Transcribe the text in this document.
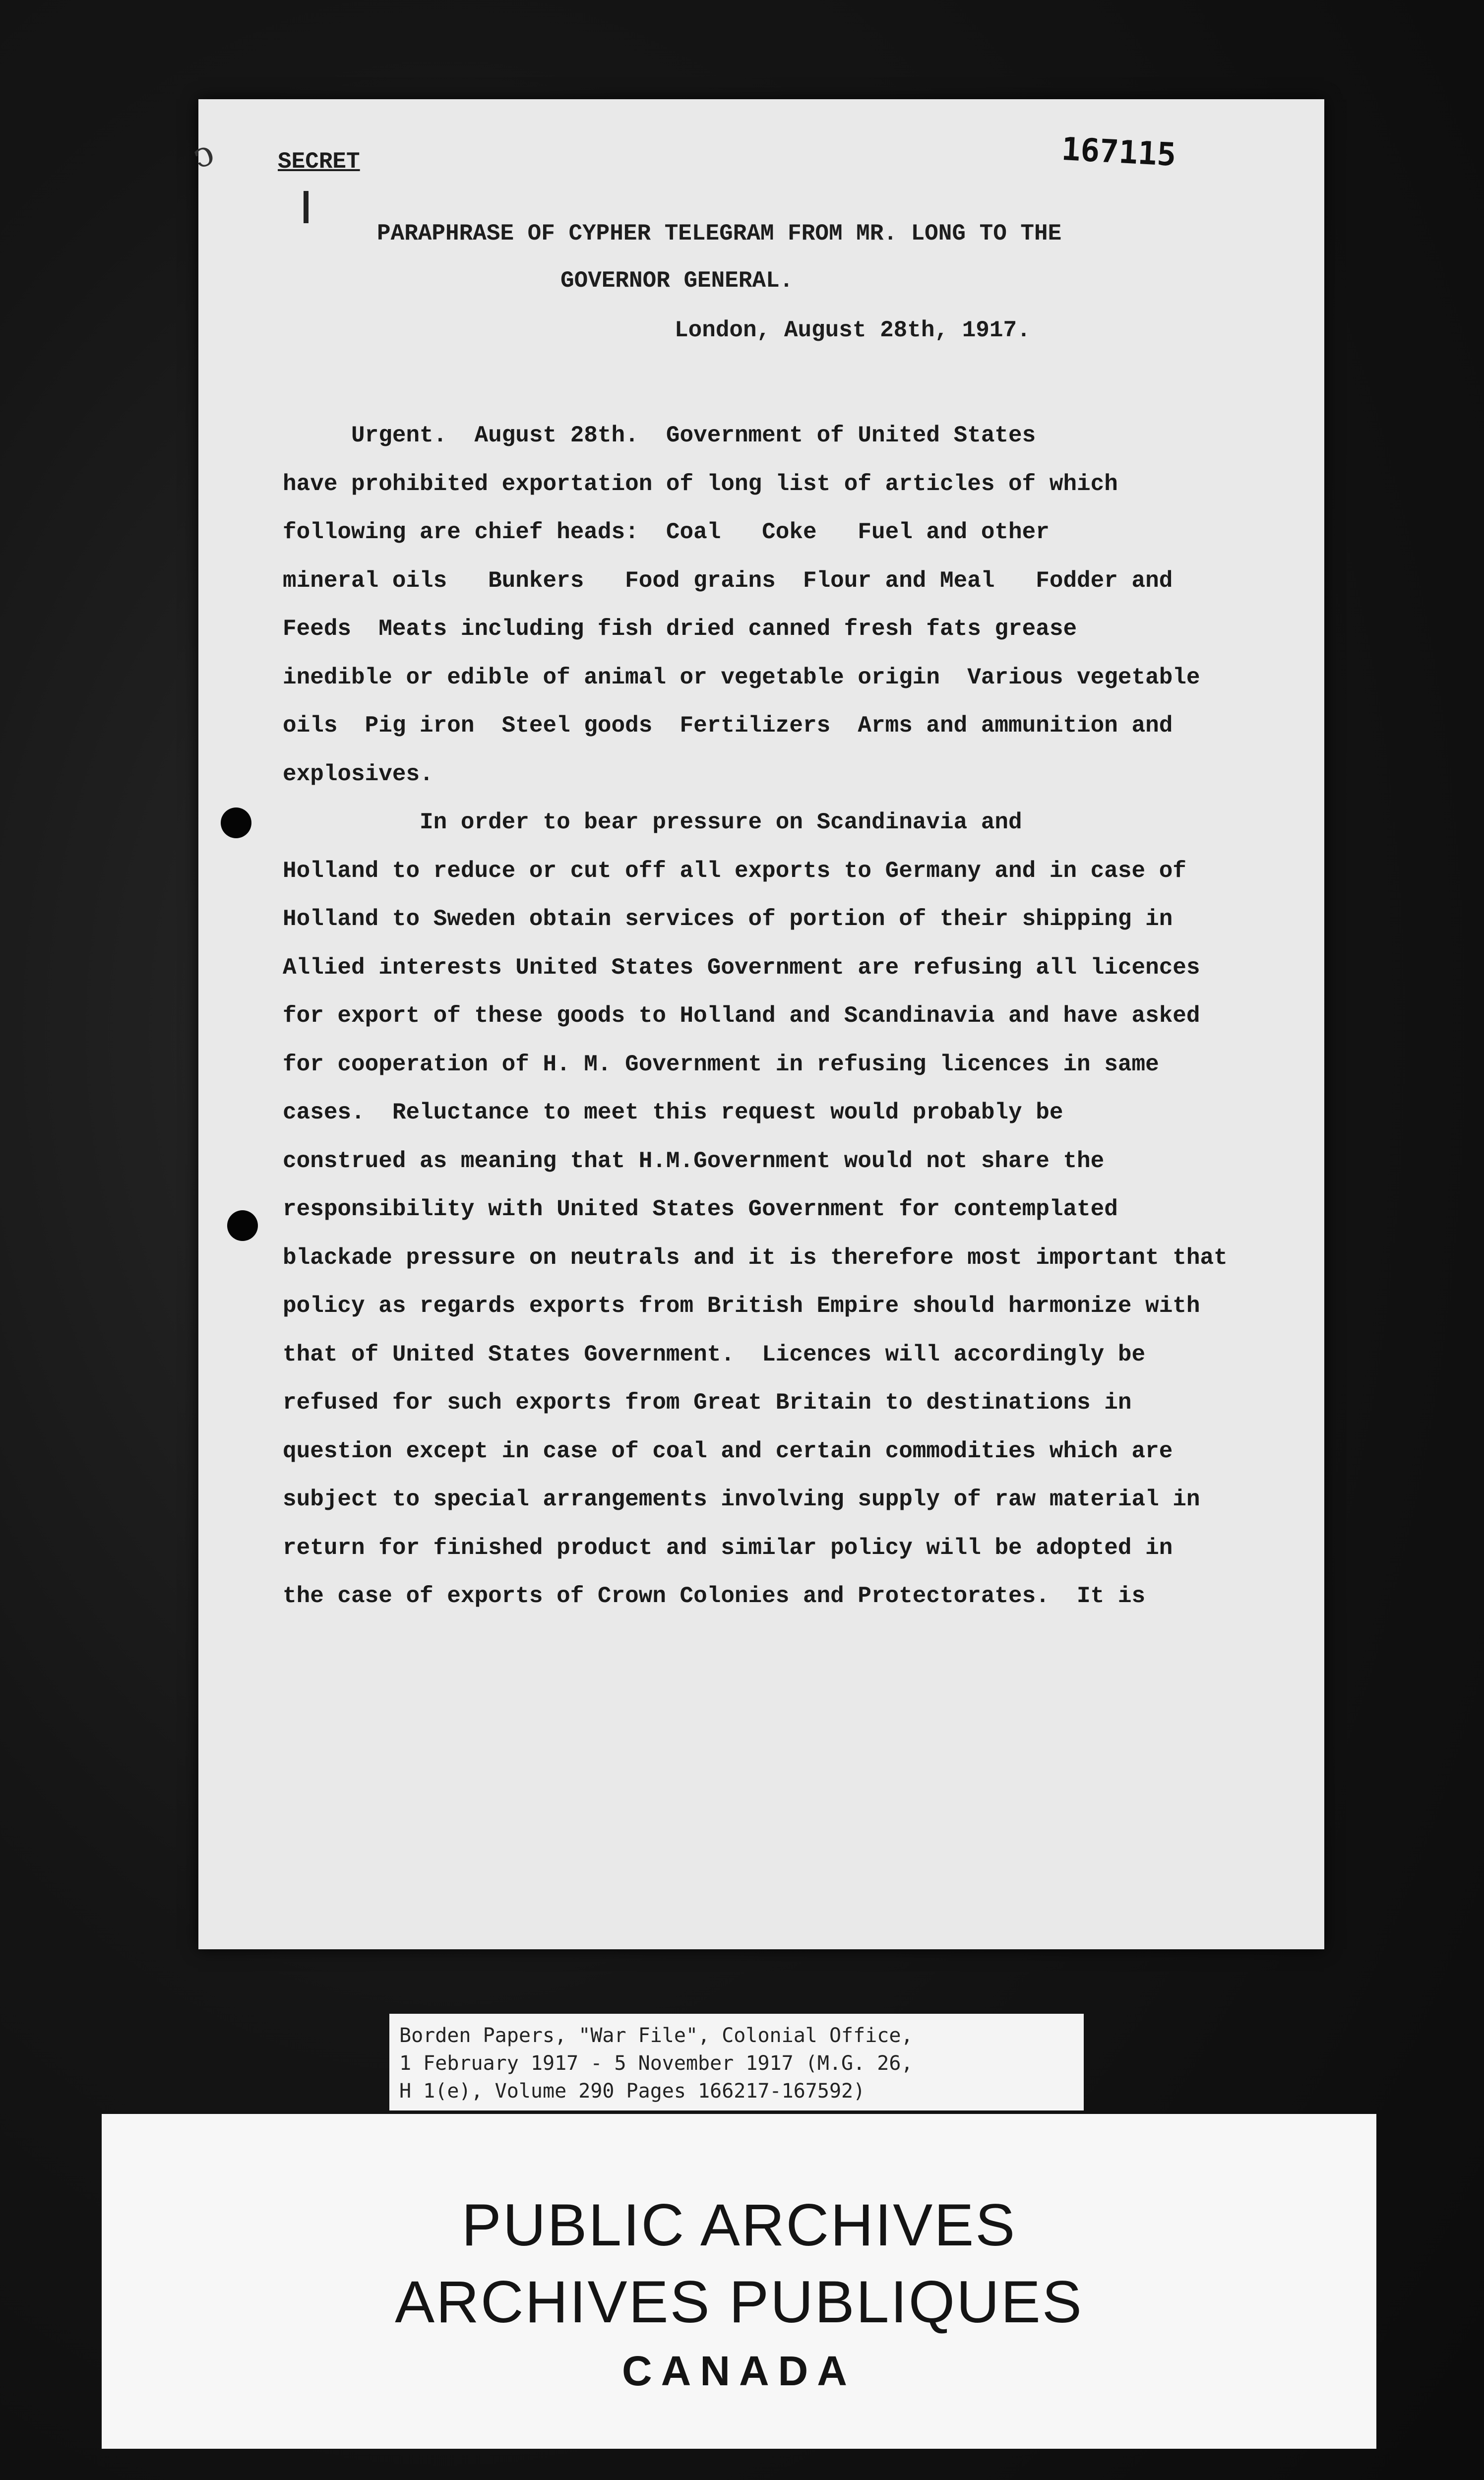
ↄ	SECRET	167115
PARAPHRASE OF CYPHER TELEGRAM FROM MR. LONG TO THE
GOVERNOR GENERAL.
London, August 28th, 1917.
Urgent.  August 28th.  Government of United States
have prohibited exportation of long list of articles of which
following are chief heads:  Coal   Coke   Fuel and other
mineral oils   Bunkers   Food grains  Flour and Meal   Fodder and
Feeds  Meats including fish dried canned fresh fats grease
inedible or edible of animal or vegetable origin  Various vegetable
oils  Pig iron  Steel goods  Fertilizers  Arms and ammunition and
explosives.
In order to bear pressure on Scandinavia and
Holland to reduce or cut off all exports to Germany and in case of
Holland to Sweden obtain services of portion of their shipping in
Allied interests United States Government are refusing all licences
for export of these goods to Holland and Scandinavia and have asked
for cooperation of H. M. Government in refusing licences in same
cases.  Reluctance to meet this request would probably be
construed as meaning that H.M.Government would not share the
responsibility with United States Government for contemplated
blackade pressure on neutrals and it is therefore most important that
policy as regards exports from British Empire should harmonize with
that of United States Government.  Licences will accordingly be
refused for such exports from Great Britain to destinations in
question except in case of coal and certain commodities which are
subject to special arrangements involving supply of raw material in
return for finished product and similar policy will be adopted in
the case of exports of Crown Colonies and Protectorates.  It is
Borden Papers, "War File", Colonial Office,
1 February 1917 - 5 November 1917 (M.G. 26,
H 1(e), Volume 290 Pages 166217-167592)
PUBLIC ARCHIVES
ARCHIVES PUBLIQUES
CANADA
